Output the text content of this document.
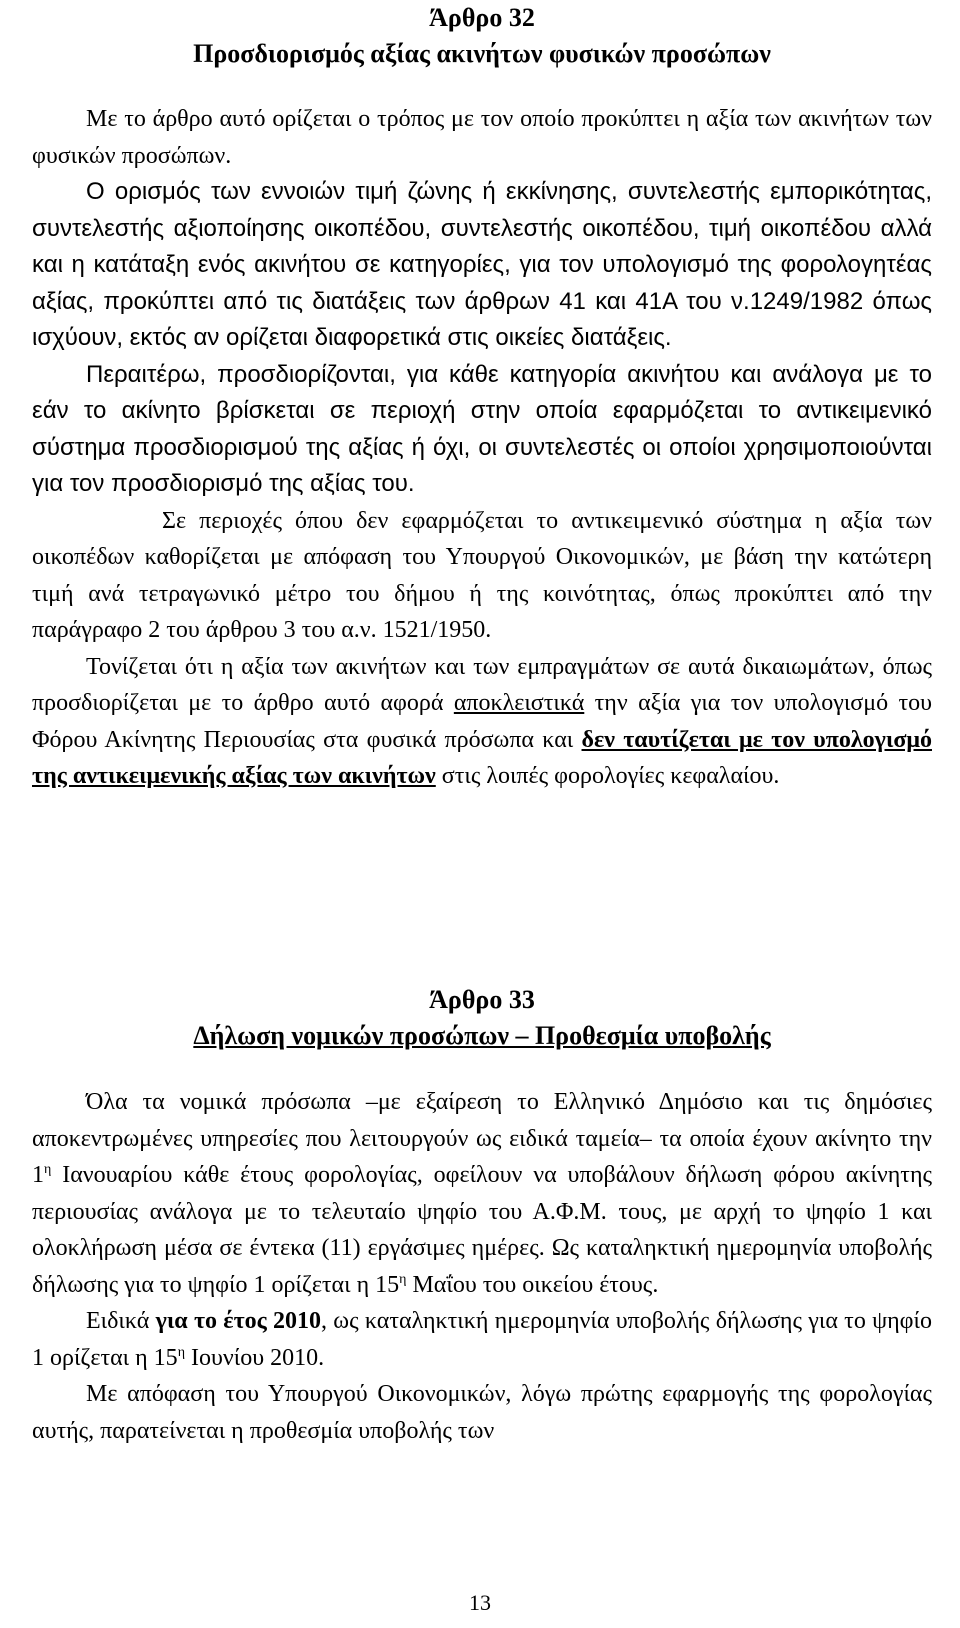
Άρθρο 32
Προσδιορισμός αξίας ακινήτων φυσικών προσώπων

Με το άρθρο αυτό ορίζεται ο τρόπος με τον οποίο προκύπτει η αξία των ακινήτων των φυσικών προσώπων.

Ο ορισμός των εννοιών τιμή ζώνης ή εκκίνησης, συντελεστής εμπορικότητας, συντελεστής αξιοποίησης οικοπέδου, συντελεστής οικοπέδου, τιμή οικοπέδου αλλά και η κατάταξη ενός ακινήτου σε κατηγορίες, για τον υπολογισμό της φορολογητέας αξίας, προκύπτει από τις διατάξεις των άρθρων 41 και 41Α του ν.1249/1982 όπως ισχύουν, εκτός αν ορίζεται διαφορετικά στις οικείες διατάξεις.

Περαιτέρω, προσδιορίζονται, για κάθε κατηγορία ακινήτου και ανάλογα με το εάν το ακίνητο βρίσκεται σε περιοχή στην οποία εφαρμόζεται το αντικειμενικό σύστημα προσδιορισμού της αξίας ή όχι, οι συντελεστές οι οποίοι χρησιμοποιούνται για τον προσδιορισμό της αξίας του.

Σε περιοχές όπου δεν εφαρμόζεται το αντικειμενικό σύστημα η αξία των οικοπέδων καθορίζεται με απόφαση του Υπουργού Οικονομικών, με βάση την κατώτερη τιμή ανά τετραγωνικό μέτρο του δήμου ή της κοινότητας, όπως προκύπτει από την παράγραφο 2 του άρθρου 3 του α.ν. 1521/1950.

Τονίζεται ότι η αξία των ακινήτων και των εμπραγμάτων σε αυτά δικαιωμάτων, όπως προσδιορίζεται με το άρθρο αυτό αφορά αποκλειστικά την αξία για τον υπολογισμό του Φόρου Ακίνητης Περιουσίας στα φυσικά πρόσωπα και δεν ταυτίζεται με τον υπολογισμό της αντικειμενικής αξίας των ακινήτων στις λοιπές φορολογίες κεφαλαίου.

Άρθρο 33
Δήλωση νομικών προσώπων – Προθεσμία υποβολής

Όλα τα νομικά πρόσωπα –με εξαίρεση το Ελληνικό Δημόσιο και τις δημόσιες αποκεντρωμένες υπηρεσίες που λειτουργούν ως ειδικά ταμεία– τα οποία έχουν ακίνητο την $1^\eta$ Ιανουαρίου κάθε έτους φορολογίας, οφείλουν να υποβάλουν δήλωση φόρου ακίνητης περιουσίας ανάλογα με το τελευταίο ψηφίο του Α.Φ.Μ. τους, με αρχή το ψηφίο 1 και ολοκλήρωση μέσα σε έντεκα (11) εργάσιμες ημέρες. Ως καταληκτική ημερομηνία υποβολής δήλωσης για το ψηφίο 1 ορίζεται η $15^\eta$ Μαΐου του οικείου έτους.

Ειδικά για το έτος 2010, ως καταληκτική ημερομηνία υποβολής δήλωσης για το ψηφίο 1 ορίζεται η $15^\eta$ Ιουνίου 2010.

Με απόφαση του Υπουργού Οικονομικών, λόγω πρώτης εφαρμογής της φορολογίας αυτής, παρατείνεται η προθεσμία υποβολής των

13
